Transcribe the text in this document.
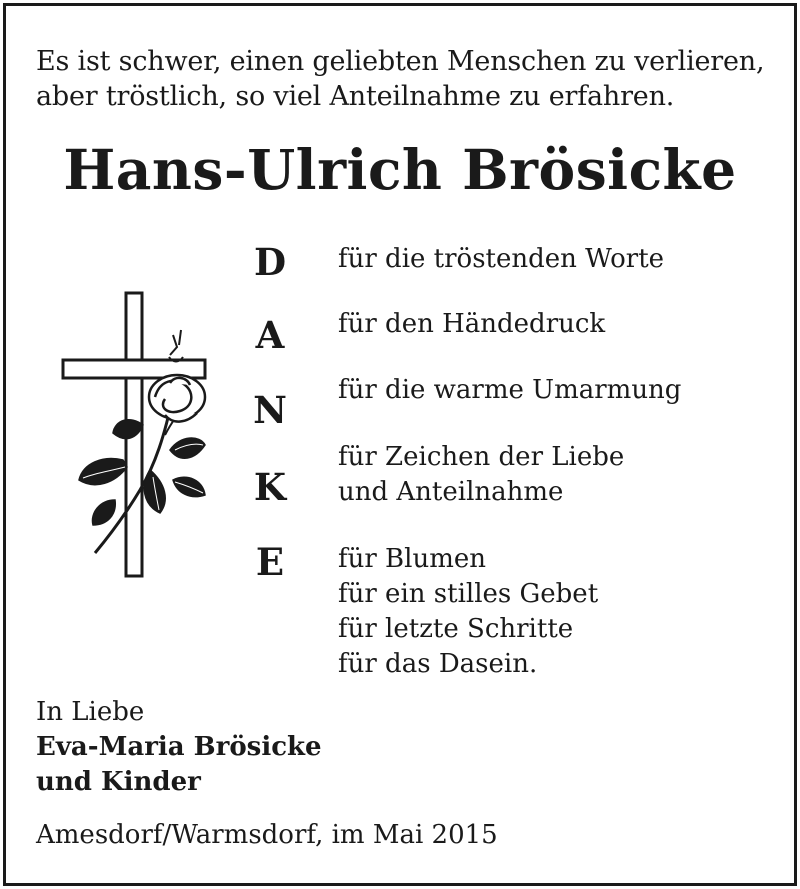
Es ist schwer, einen geliebten Menschen zu verlieren,
aber tröstlich, so viel Anteilnahme zu erfahren.
Hans-Ulrich Brösicke
D
A
N
K
E
für die tröstenden Worte
für den Händedruck
für die warme Umarmung
für Zeichen der Liebe
und Anteilnahme
für Blumen
für ein stilles Gebet
für letzte Schritte
für das Dasein.
In Liebe
Eva-Maria Brösicke
und Kinder
Amesdorf/Warmsdorf, im Mai 2015
